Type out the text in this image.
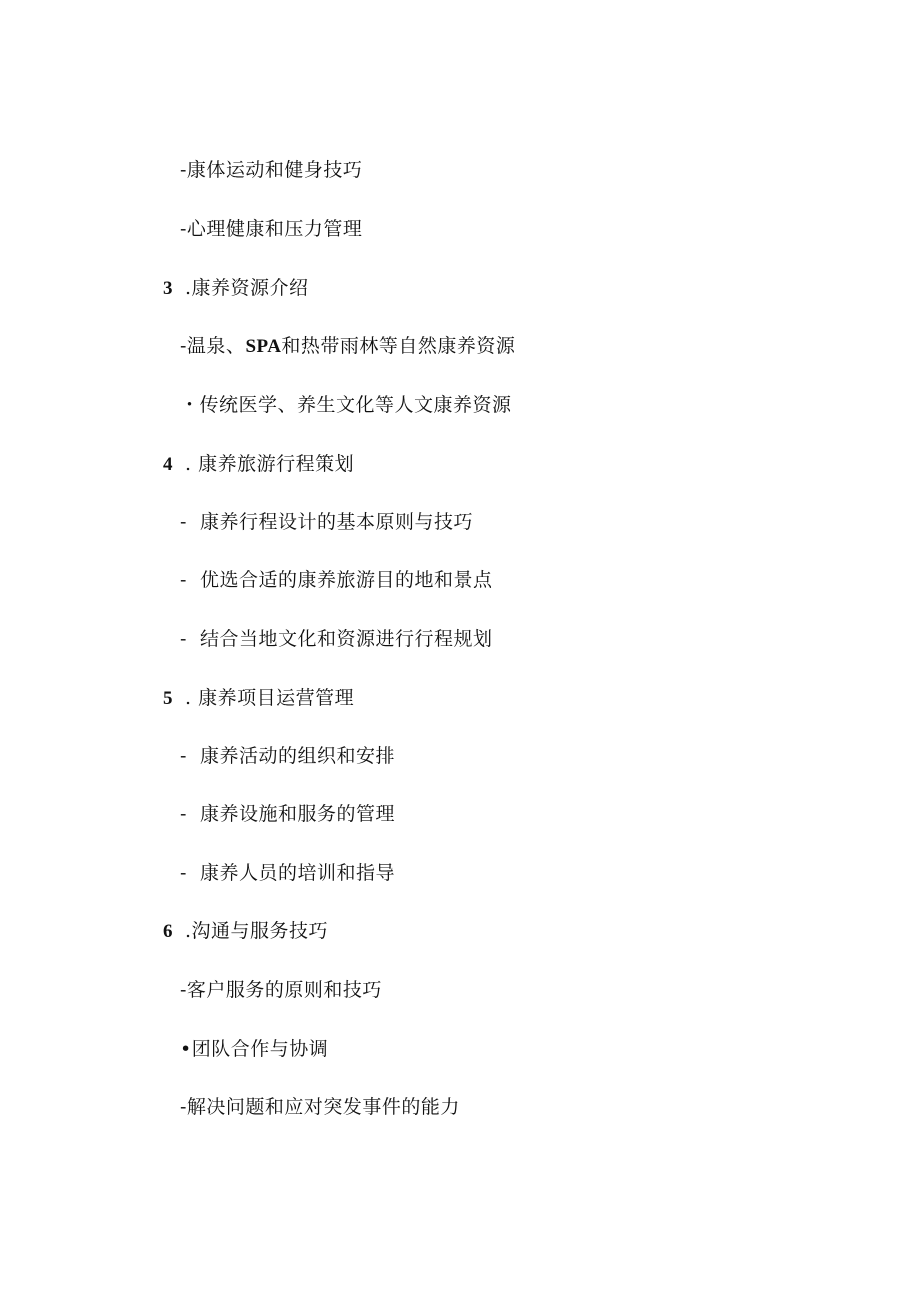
-康体运动和健身技巧
-心理健康和压力管理
3 .康养资源介绍
-温泉、SPA和热带雨林等自然康养资源
・传统医学、养生文化等人文康养资源
4 . 康养旅游行程策划
- 康养行程设计的基本原则与技巧
- 优选合适的康养旅游目的地和景点
- 结合当地文化和资源进行行程规划
5 . 康养项目运营管理
- 康养活动的组织和安排
- 康养设施和服务的管理
- 康养人员的培训和指导
6 .沟通与服务技巧
-客户服务的原则和技巧
•团队合作与协调
-解决问题和应对突发事件的能力
